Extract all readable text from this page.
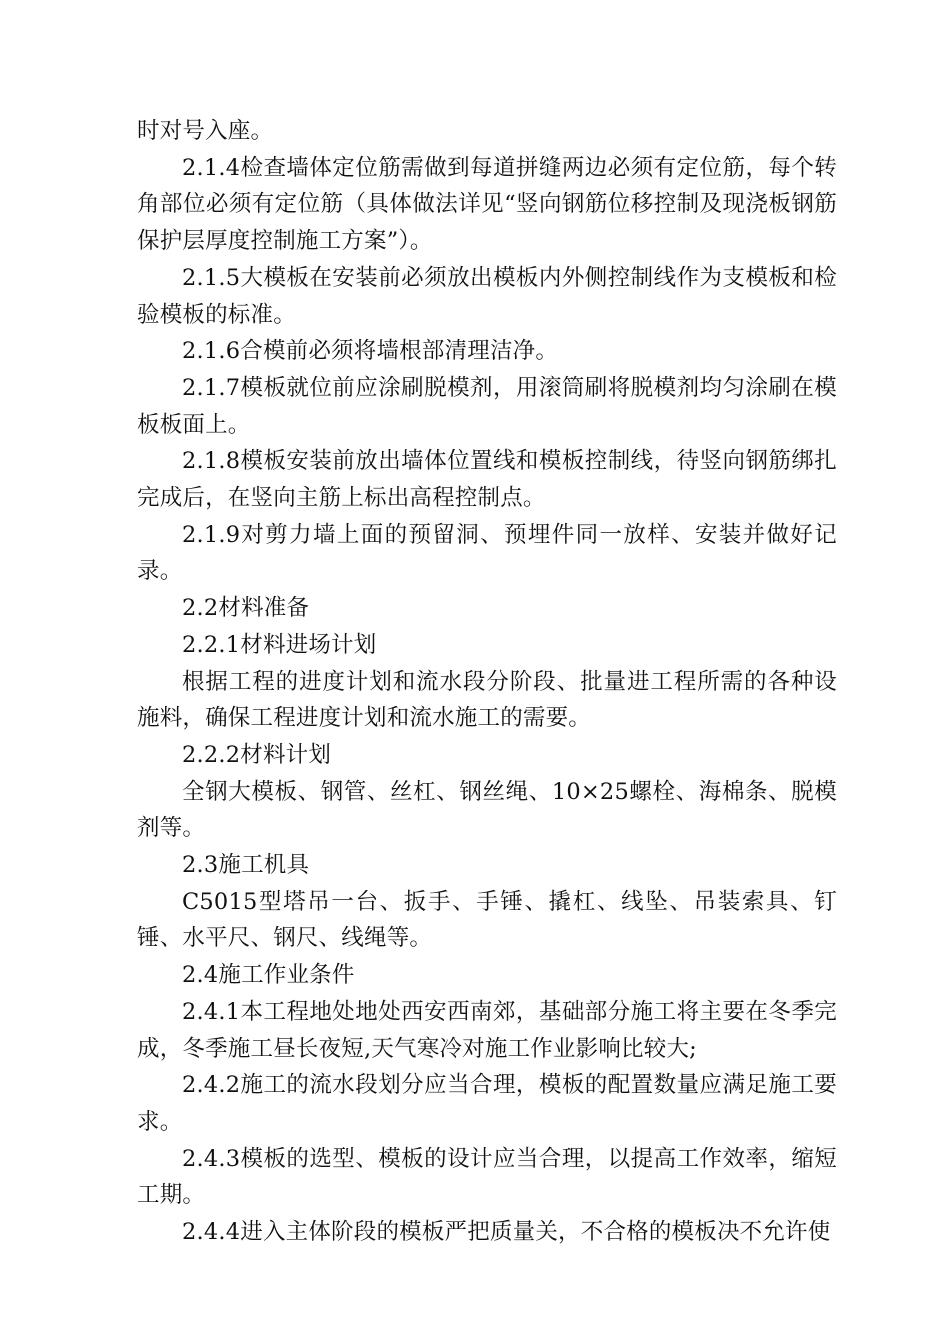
时对号入座。

2.1.4检查墙体定位筋需做到每道拼缝两边必须有定位筋，每个转角部位必须有定位筋（具体做法详见“竖向钢筋位移控制及现浇板钢筋保护层厚度控制施工方案”）。

2.1.5大模板在安装前必须放出模板内外侧控制线作为支模板和检验模板的标准。

2.1.6合模前必须将墙根部清理洁净。

2.1.7模板就位前应涂刷脱模剂，用滚筒刷将脱模剂均匀涂刷在模板板面上。

2.1.8模板安装前放出墙体位置线和模板控制线，待竖向钢筋绑扎完成后，在竖向主筋上标出高程控制点。

2.1.9对剪力墙上面的预留洞、预埋件同一放样、安装并做好记录。

2.2材料准备

2.2.1材料进场计划

根据工程的进度计划和流水段分阶段、批量进工程所需的各种设施料，确保工程进度计划和流水施工的需要。

2.2.2材料计划

全钢大模板、钢管、丝杠、钢丝绳、10×25螺栓、海棉条、脱模剂等。

2.3施工机具

C5015型塔吊一台、扳手、手锤、撬杠、线坠、吊装索具、钉锤、水平尺、钢尺、线绳等。

2.4施工作业条件

2.4.1本工程地处地处西安西南郊，基础部分施工将主要在冬季完成，冬季施工昼长夜短,天气寒冷对施工作业影响比较大;

2.4.2施工的流水段划分应当合理，模板的配置数量应满足施工要求。

2.4.3模板的选型、模板的设计应当合理，以提高工作效率，缩短工期。

2.4.4进入主体阶段的模板严把质量关，不合格的模板决不允许使
